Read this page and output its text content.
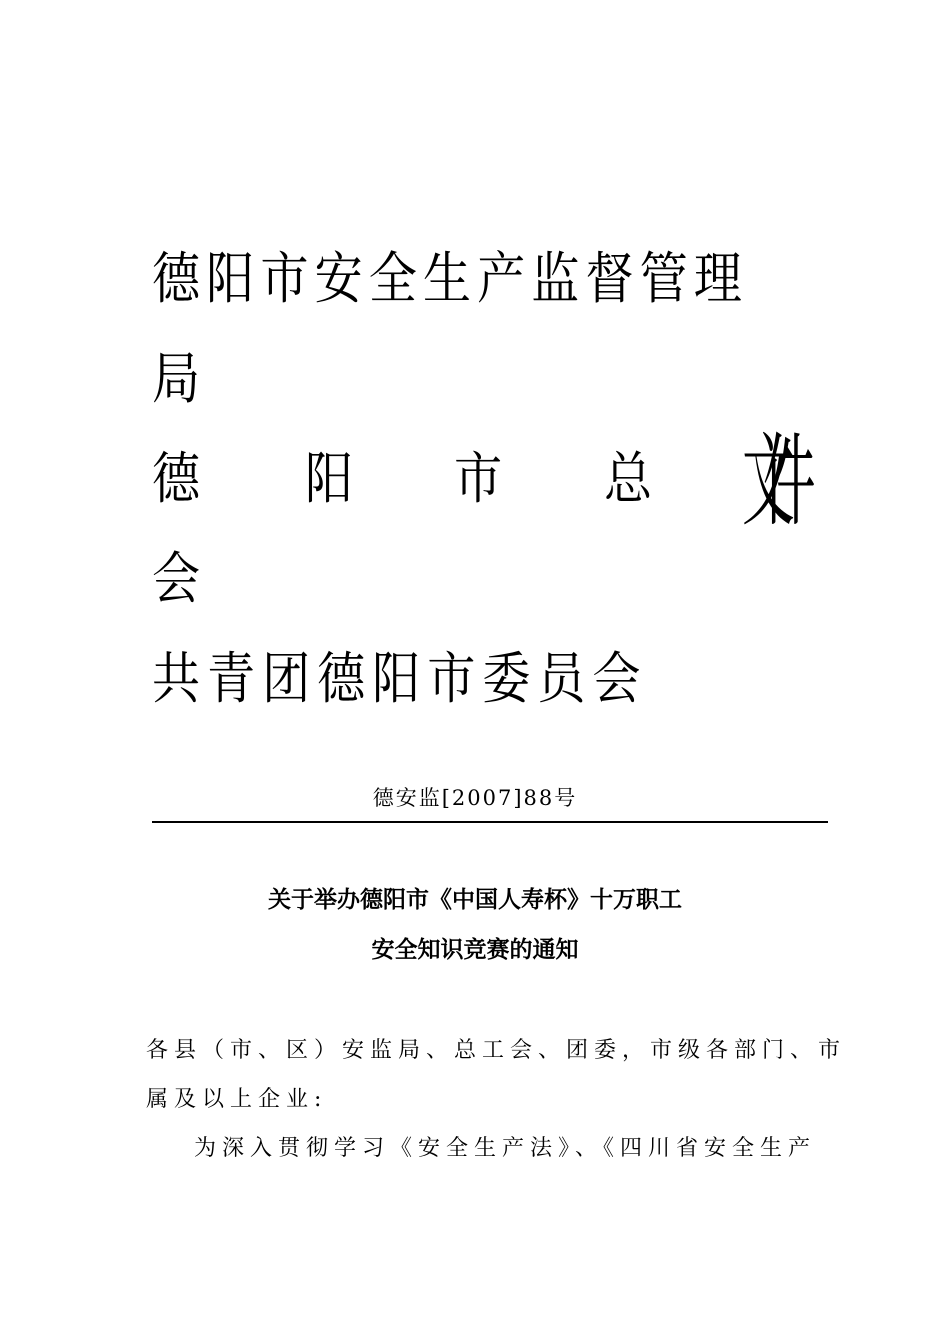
德阳市安全生产监督管理
局
德 阳 市 总
会
共青团德阳市委员会
文件
德安监[2007]88号
关于举办德阳市《中国人寿杯》十万职工
安全知识竞赛的通知
各县（市、区）安监局、总工会、团委，市级各部门、市
属及以上企业:
为深入贯彻学习《安全生产法》、《四川省安全生产
